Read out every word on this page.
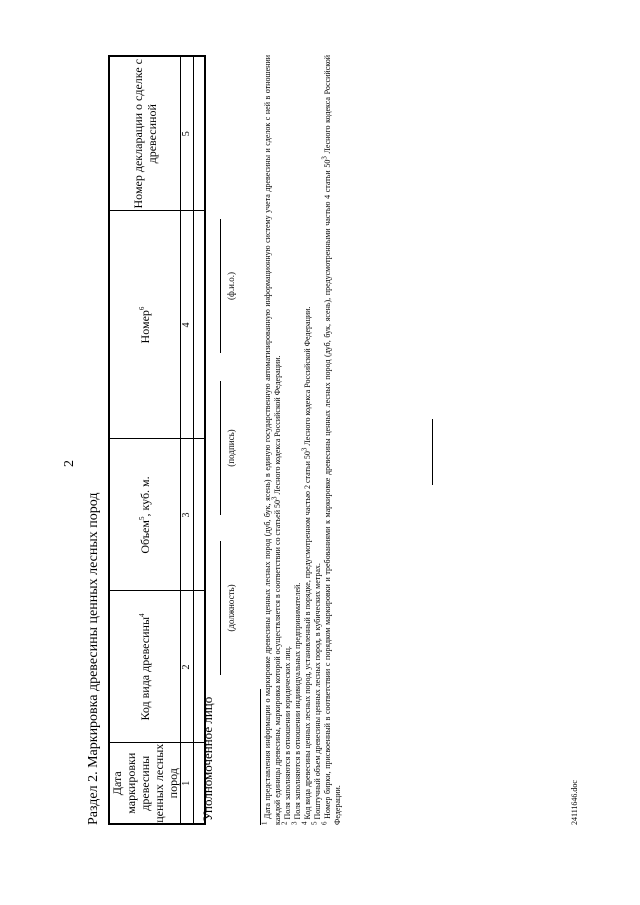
2
Раздел 2. Маркировка древесины ценных лесных пород Дата маркировки древесины ценных лесных пород	Код вида древесины$^4$	Объем$^5$, куб. м.	Номер$^6$	Номер декларации о сделке с древесиной
1	2	3	4	5

Уполномоченное лицо
(должность)
(подпись)
(ф.и.о.)

$^1$ Дата представления информации о маркировке древесины ценных лесных пород (дуб, бук, ясень) в единую государственную автоматизированную информационную систему учета древесины и сделок с ней в отношении каждой единицы древесины, маркировка которой осуществляется в соответствии со статьей $50^3$ Лесного кодекса Российской Федерации.

$^2$ Поля заполняются в отношении юридических лиц.

$^3$ Поля заполняются в отношении индивидуальных предпринимателей.

$^4$ Код вида древесины ценных лесных пород, установленный в порядке, предусмотренном частью 2 статьи $50^3$ Лесного кодекса Российской Федерации.

$^5$ Поштучный объем древесины ценных лесных пород, в кубических метрах.

$^6$ Номер бирки, присвоенный в соответствии с порядком маркировки и требованиями к маркировке древесины ценных лесных пород (дуб, бук, ясень), предусмотренными частью 4 статьи $50^3$ Лесного кодекса Российской Федерации.	24111646.doc
